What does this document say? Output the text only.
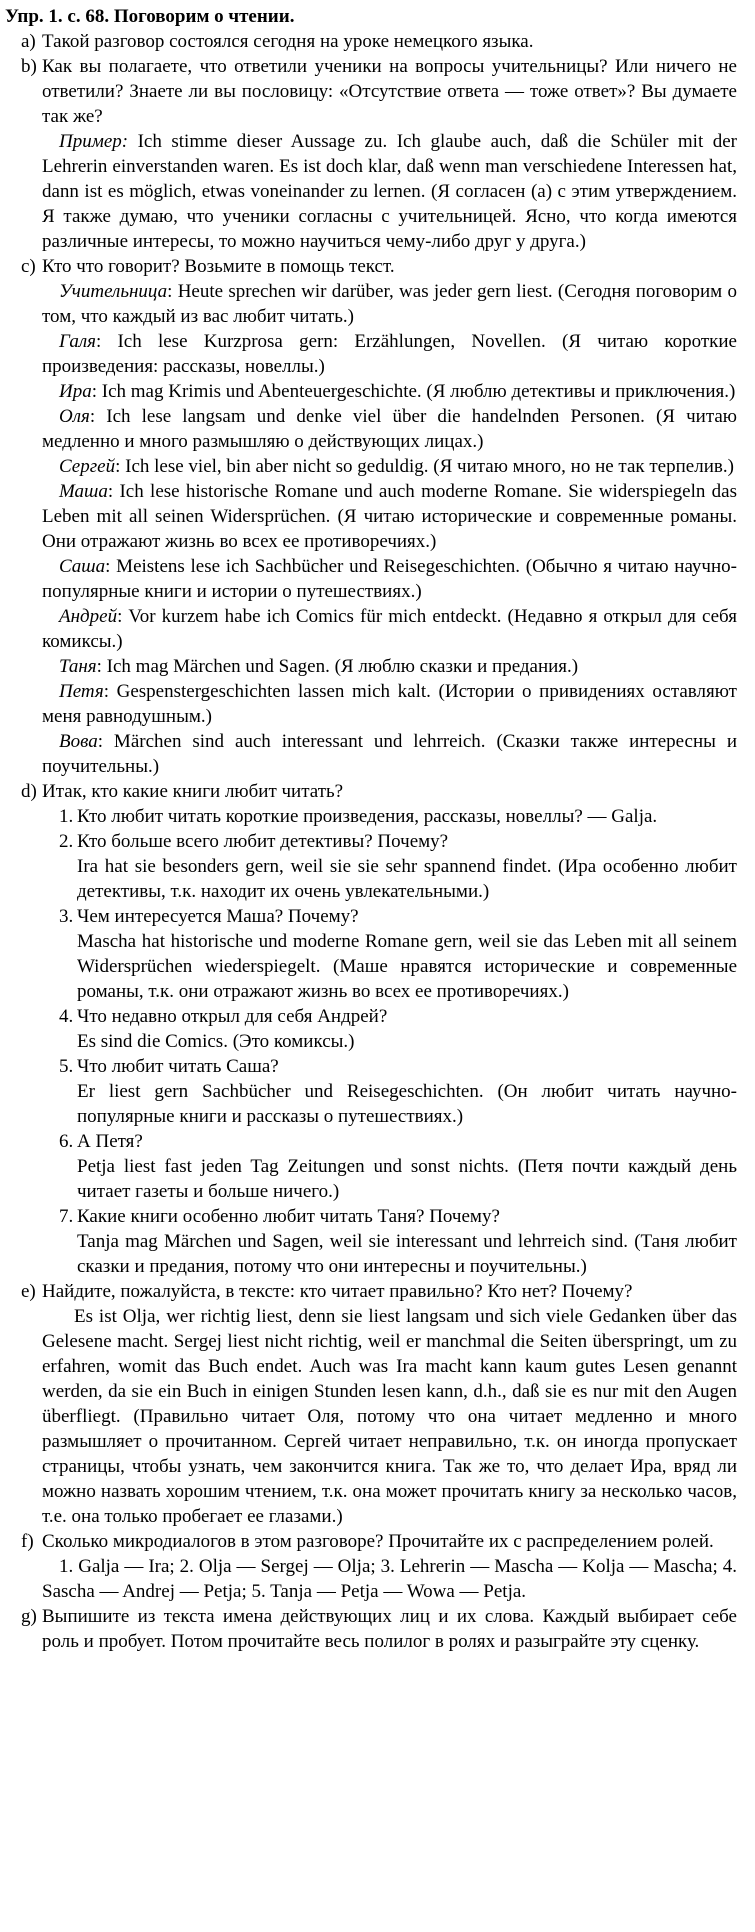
Упр. 1. с. 68. Поговорим о чтении.

a) Такой разговор состоялся сегодня на уроке немецкого языка.

b) Как вы полагаете, что ответили ученики на вопросы учительницы? Или ничего не ответили? Знаете ли вы пословицу: «Отсутствие ответа — тоже ответ»? Вы думаете так же?

Пример: Ich stimme dieser Aussage zu. Ich glaube auch, daß die Schüler mit der Lehrerin einverstanden waren. Es ist doch klar, daß wenn man verschiedene Interessen hat, dann ist es möglich, etwas voneinander zu lernen. (Я согласен (а) с этим утверждением. Я также думаю, что ученики согласны с учительницей. Ясно, что когда имеются различные интересы, то можно научиться чему-либо друг у друга.)

c) Кто что говорит? Возьмите в помощь текст.

Учительница: Heute sprechen wir darüber, was jeder gern liest. (Сегодня поговорим о том, что каждый из вас любит читать.)

Галя: Ich lese Kurzprosa gern: Erzählungen, Novellen. (Я читаю короткие произведения: рассказы, новеллы.)

Ира: Ich mag Krimis und Abenteuergeschichte. (Я люблю детективы и приключения.)

Оля: Ich lese langsam und denke viel über die handelnden Personen. (Я читаю медленно и много размышляю о действующих лицах.)

Сергей: Ich lese viel, bin aber nicht so geduldig. (Я читаю много, но не так терпелив.)

Маша: Ich lese historische Romane und auch moderne Romane. Sie widerspiegeln das Leben mit all seinen Widersprüchen. (Я читаю исторические и современные романы. Они отражают жизнь во всех ее противоречиях.)

Саша: Meistens lese ich Sachbücher und Reisegeschichten. (Обычно я читаю научно-популярные книги и истории о путешествиях.)

Андрей: Vor kurzem habe ich Comics für mich entdeckt. (Недавно я открыл для себя комиксы.)

Таня: Ich mag Märchen und Sagen. (Я люблю сказки и предания.)

Петя: Gespenstergeschichten lassen mich kalt. (Истории о привидениях оставляют меня равнодушным.)

Вова: Märchen sind auch interessant und lehrreich. (Сказки также интересны и поучительны.)

d) Итак, кто какие книги любит читать?

1. Кто любит читать короткие произведения, рассказы, новеллы? — Galja.

2. Кто больше всего любит детективы? Почему?

Ira hat sie besonders gern, weil sie sie sehr spannend findet. (Ира особенно любит детективы, т.к. находит их очень увлекательными.)

3. Чем интересуется Маша? Почему?

Mascha hat historische und moderne Romane gern, weil sie das Leben mit all seinem Widersprüchen wiederspiegelt. (Маше нравятся исторические и современные романы, т.к. они отражают жизнь во всех ее противоречиях.)

4. Что недавно открыл для себя Андрей?

Es sind die Comics. (Это комиксы.)

5. Что любит читать Саша?

Er liest gern Sachbücher und Reisegeschichten. (Он любит читать научно-популярные книги и рассказы о путешествиях.)

6. А Петя?

Petja liest fast jeden Tag Zeitungen und sonst nichts. (Петя почти каждый день читает газеты и больше ничего.)

7. Какие книги особенно любит читать Таня? Почему?

Tanja mag Märchen und Sagen, weil sie interessant und lehrreich sind. (Таня любит сказки и предания, потому что они интересны и поучительны.)

e) Найдите, пожалуйста, в тексте: кто читает правильно? Кто нет? Почему?

Es ist Olja, wer richtig liest, denn sie liest langsam und sich viele Gedanken über das Gelesene macht. Sergej liest nicht richtig, weil er manchmal die Seiten überspringt, um zu erfahren, womit das Buch endet. Auch was Ira macht kann kaum gutes Lesen genannt werden, da sie ein Buch in einigen Stunden lesen kann, d.h., daß sie es nur mit den Augen überfliegt. (Правильно читает Оля, потому что она читает медленно и много размышляет о прочитанном. Сергей читает неправильно, т.к. он иногда пропускает страницы, чтобы узнать, чем закончится книга. Так же то, что делает Ира, вряд ли можно назвать хорошим чтением, т.к. она может прочитать книгу за несколько часов, т.е. она только пробегает ее глазами.)

f) Сколько микродиалогов в этом разговоре? Прочитайте их с распределением ролей.

1. Galja — Ira; 2. Olja — Sergej — Olja; 3. Lehrerin — Mascha — Kolja — Mascha; 4. Sascha — Andrej — Petja; 5. Tanja — Petja — Wowa — Petja.

g) Выпишите из текста имена действующих лиц и их слова. Каждый выбирает себе роль и пробует. Потом прочитайте весь полилог в ролях и разыграйте эту сценку.
